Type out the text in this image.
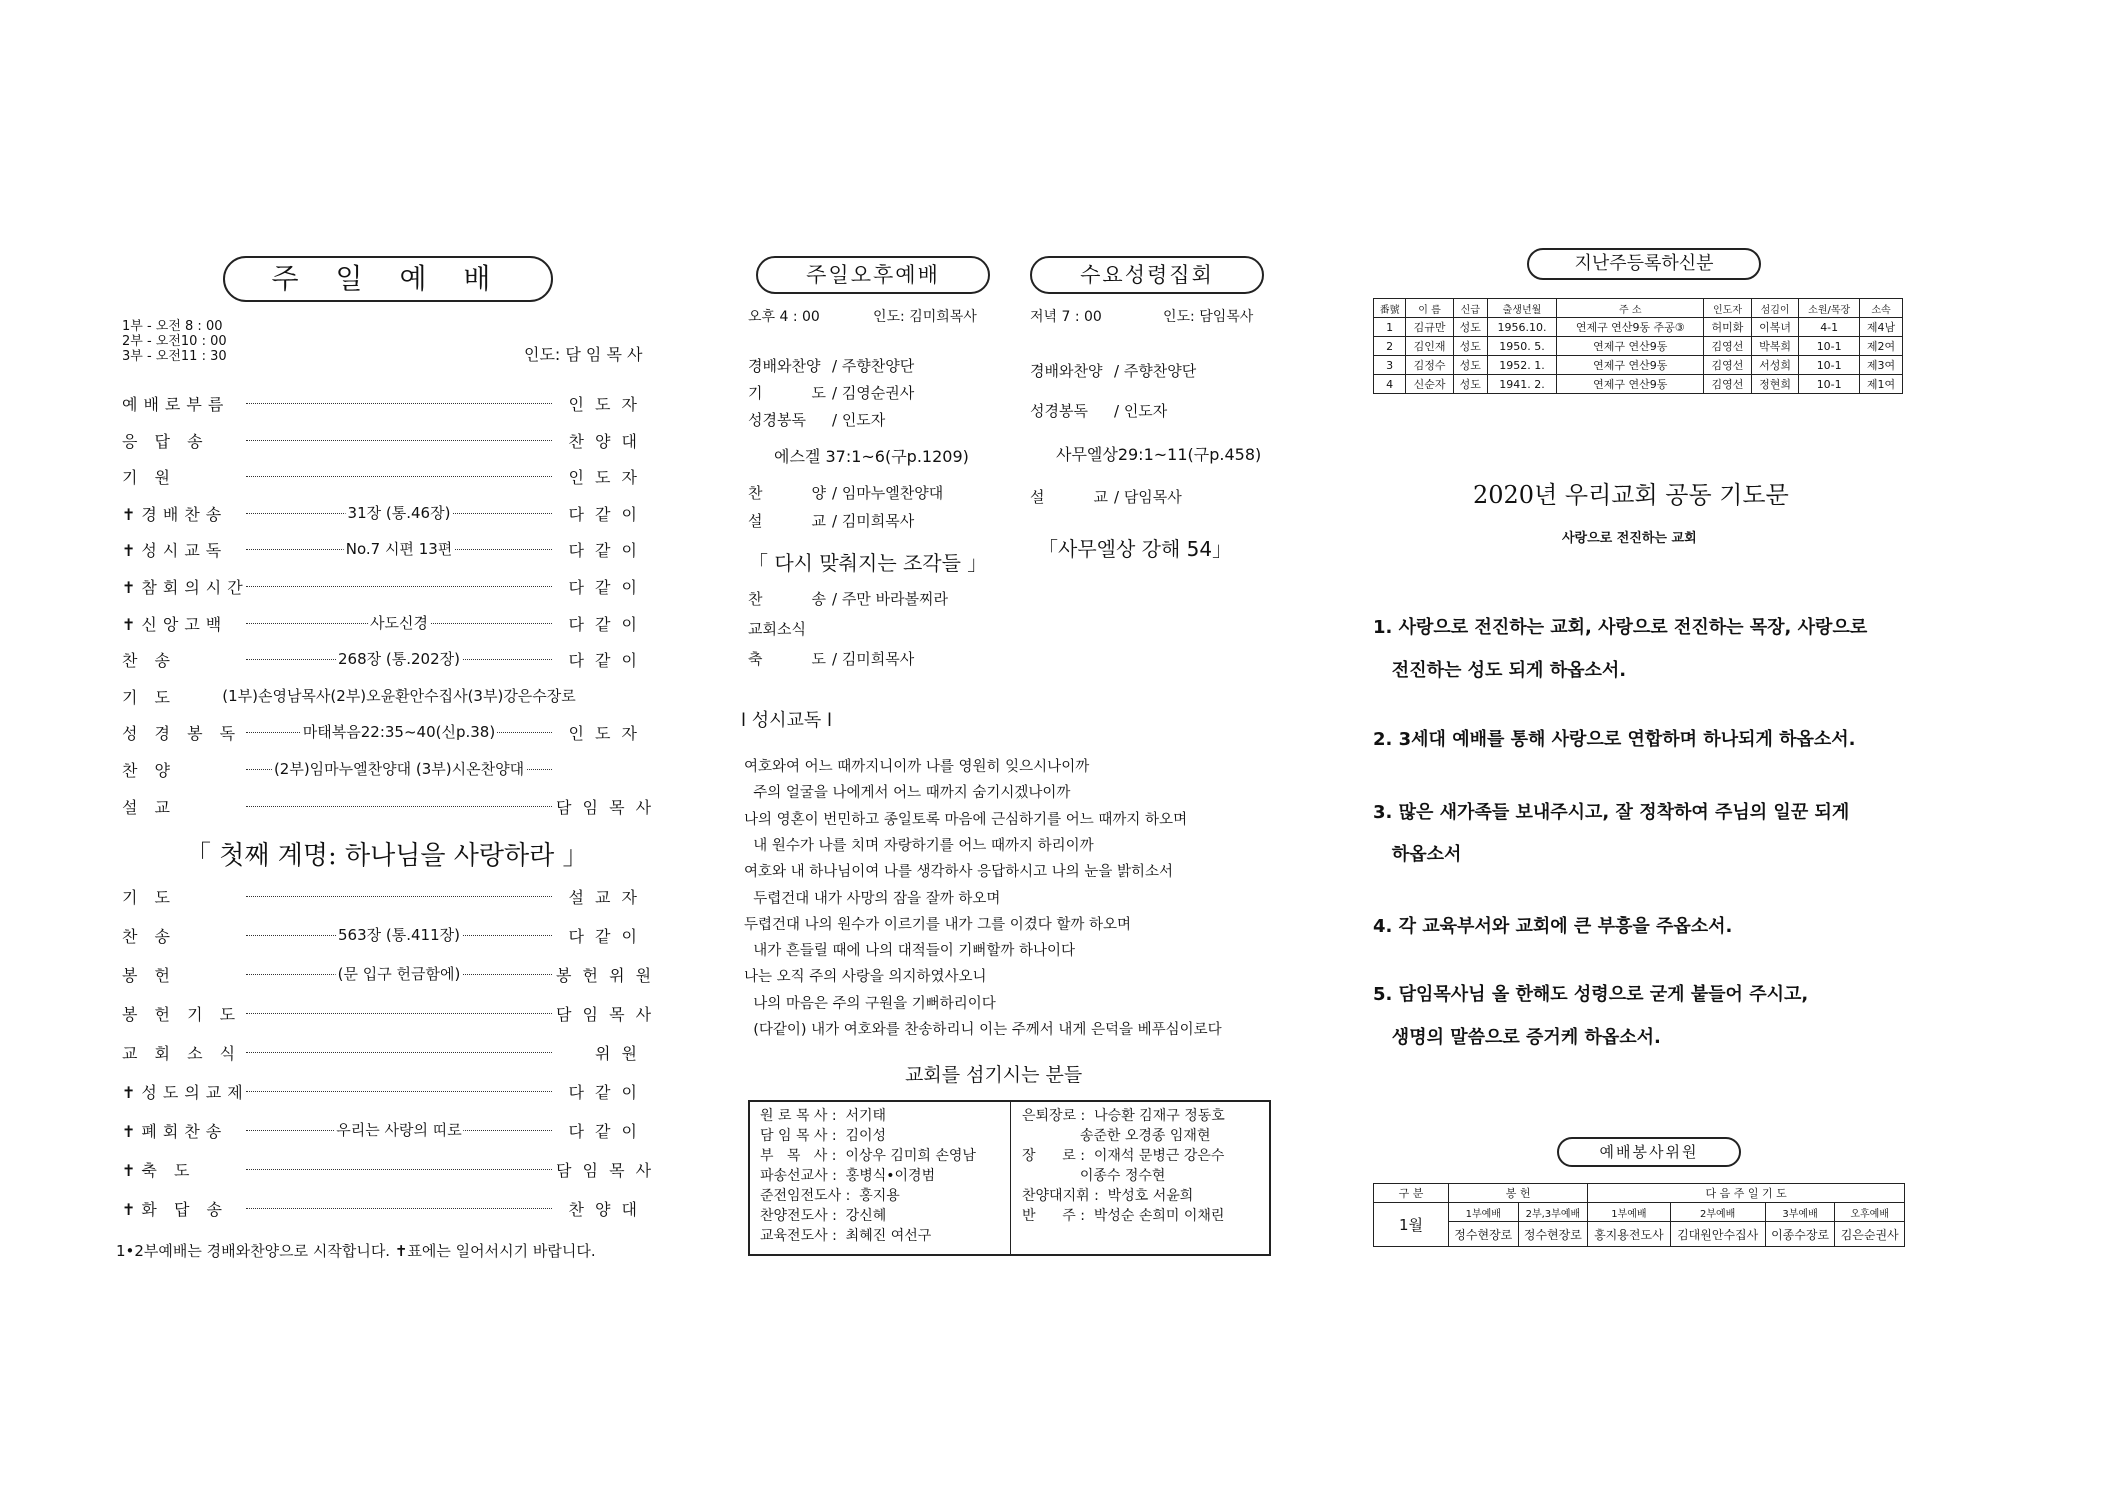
주 일 예 배
1부 - 오전 8 : 00
2부 - 오전10 : 00
3부 - 오전11 : 30	인도: 담 임 목 사
예배로부름	인 도 자
응 답 송	찬 양 대
기 원	인 도 자
✝경배찬송	31장 (통.46장)	다 같 이
✝성시교독	No.7 시편 13편	다 같 이
✝참회의시간	다 같 이
✝신앙고백	사도신경	다 같 이
찬 송	268장 (통.202장)	다 같 이
기 도	(1부)손영남목사(2부)오윤환안수집사(3부)강은수장로
성 경 봉 독	마태복음22:35~40(신p.38)	인 도 자
찬 양	(2부)임마누엘찬양대 (3부)시온찬양대
설 교	담 임 목 사
「 첫째 계명: 하나님을 사랑하라 」
기 도	설 교 자
찬 송	563장 (통.411장)	다 같 이
봉 헌	(문 입구 헌금함에)	봉 헌 위 원
봉 헌 기 도	담 임 목 사
교 회 소 식	위 원
✝성도의교제	다 같 이
✝폐회찬송	우리는 사랑의 띠로	다 같 이
✝축 도	담 임 목 사
✝화 답 송	찬 양 대
1•2부예배는 경배와찬양으로 시작합니다. ✝표에는 일어서시기 바랍니다.
주일오후예배
오후 4 : 00	인도: 김미희목사
경배와찬양 / 주향찬양단
기 도 / 김영순권사
성경봉독	/ 인도자
에스겔 37:1~6(구p.1209)
찬 양 / 임마누엘찬양대
설 교 / 김미희목사
「 다시 맞춰지는 조각들 」
찬 송 / 주만 바라볼찌라
교회소식
축 도 / 김미희목사
l 성시교독 l
여호와여 어느 때까지니이까 나를 영원히 잊으시나이까
주의 얼굴을 나에게서 어느 때까지 숨기시겠나이까
나의 영혼이 번민하고 종일토록 마음에 근심하기를 어느 때까지 하오며
내 원수가 나를 치며 자랑하기를 어느 때까지 하리이까
여호와 내 하나님이여 나를 생각하사 응답하시고 나의 눈을 밝히소서
두렵건대 내가 사망의 잠을 잘까 하오며
두렵건대 나의 원수가 이르기를 내가 그를 이겼다 할까 하오며
내가 흔들릴 때에 나의 대적들이 기뻐할까 하나이다
나는 오직 주의 사랑을 의지하였사오니
나의 마음은 주의 구원을 기뻐하리이다
(다같이) 내가 여호와를 찬송하리니 이는 주께서 내게 은덕을 베푸심이로다
교회를 섬기시는 분들
원 로 목 사 :  서기태
담 임 목 사 :  김이성
부   목   사 :  이상우 김미희 손영남
파송선교사 :  홍병식•이경범
준전임전도사 :  홍지용
찬양전도사 :  강신혜
교육전도사 :  최혜진 여선구
은퇴장로 :  나승환 김재구 정동호
송준한 오경종 임재현
장      로 :  이재석 문병근 강은수
이종수 정수현
찬양대지휘 :  박성호 서윤희
반      주 :  박성순 손희미 이채린
수요성령집회
저녁 7 : 00	인도: 담임목사
경배와찬양 / 주향찬양단
성경봉독	/ 인도자
사무엘상29:1~11(구p.458)
설 교 / 담임목사
「사무엘상 강해 54」
지난주등록하신분
番號	이 름	신급	출생년월	주 소	인도자	섬김이	소원/목장	소속
1	김규만	성도	1956.10.	연제구 연산9동 주공③	허미화	이복녀	4-1	제4남
2	김인재	성도	1950. 5.	연제구 연산9동	김영선	박복희	10-1	제2여
3	김정수	성도	1952. 1.	연제구 연산9동	김영선	서성희	10-1	제3여
4	신순자	성도	1941. 2.	연제구 연산9동	김영선	정현희	10-1	제1여
2020년 우리교회 공동 기도문
사랑으로 전진하는 교회
1. 사랑으로 전진하는 교회, 사랑으로 전진하는 목장, 사랑으로
전진하는 성도 되게 하옵소서.
2. 3세대 예배를 통해 사랑으로 연합하며 하나되게 하옵소서.
3. 많은 새가족들 보내주시고, 잘 정착하여 주님의 일꾼 되게
하옵소서
4. 각 교육부서와 교회에 큰 부흥을 주옵소서.
5. 담임목사님 올 한해도 성령으로 굳게 붙들어 주시고,
생명의 말씀으로 증거케 하옵소서.
예배봉사위원
구 분	봉 헌		다 음 주 일 기 도			
1월	1부예배	2부,3부예배	1부예배	2부예배	3부예배	오후예배
	정수현장로	정수현장로	홍지용전도사	김대원안수집사	이종수장로	김은순권사
